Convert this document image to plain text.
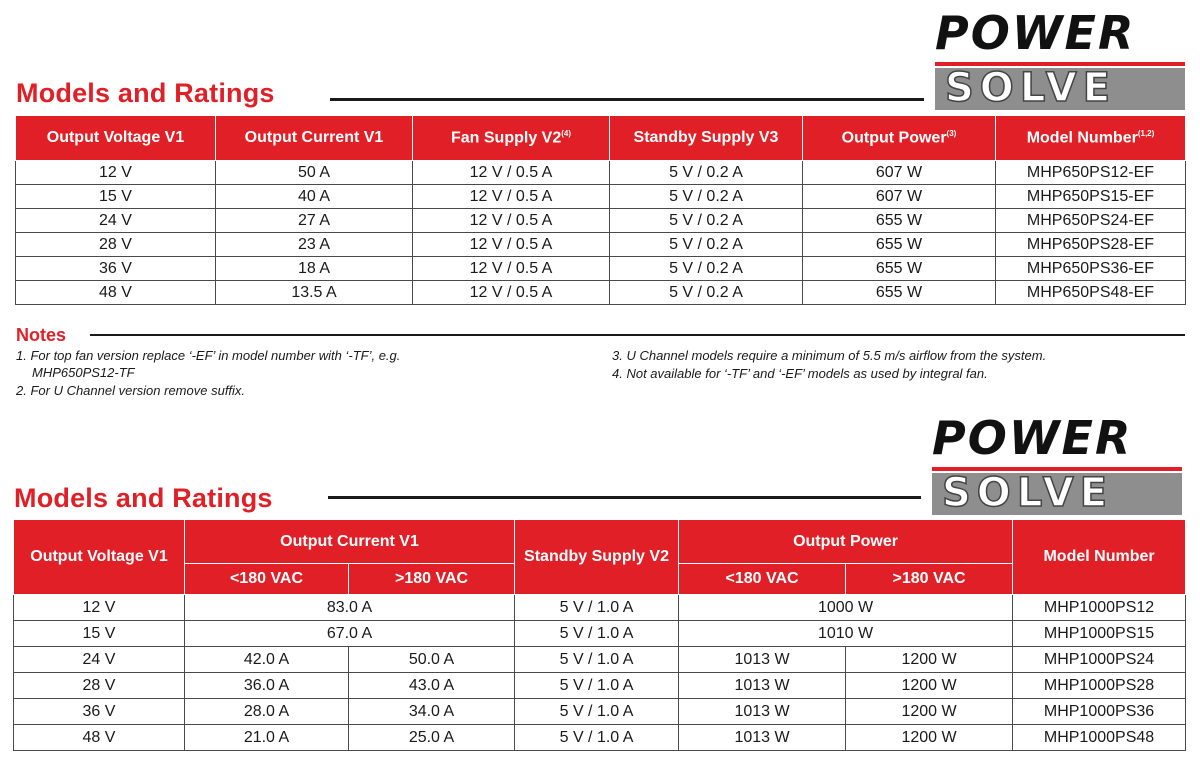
POWER
SOLVE
Models and Ratings
Output Voltage V1	Output Current V1	Fan Supply V2$^{(4)}$	Standby Supply V3	Output Power$^{(3)}$	Model Number$^{(1,2)}$
12 V	50 A	12 V / 0.5 A	5 V / 0.2 A	607 W	MHP650PS12-EF
15 V	40 A	12 V / 0.5 A	5 V / 0.2 A	607 W	MHP650PS15-EF
24 V	27 A	12 V / 0.5 A	5 V / 0.2 A	655 W	MHP650PS24-EF
28 V	23 A	12 V / 0.5 A	5 V / 0.2 A	655 W	MHP650PS28-EF
36 V	18 A	12 V / 0.5 A	5 V / 0.2 A	655 W	MHP650PS36-EF
48 V	13.5 A	12 V / 0.5 A	5 V / 0.2 A	655 W	MHP650PS48-EF
Notes
1. For top fan version replace ‘-EF’ in model number with ‘-TF’, e.g.
MHP650PS12-TF
2. For U Channel version remove suffix.
3. U Channel models require a minimum of 5.5 m/s airflow from the system.
4. Not available for ‘-TF’ and ‘-EF’ models as used by integral fan.
POWER
SOLVE
Models and Ratings
Output Voltage V1	Output Current V1		Standby Supply V2	Output Power		Model Number
	<180 VAC	>180 VAC		<180 VAC	>180 VAC	
12 V	83.0 A		5 V / 1.0 A	1000 W		MHP1000PS12
15 V	67.0 A		5 V / 1.0 A	1010 W		MHP1000PS15
24 V	42.0 A	50.0 A	5 V / 1.0 A	1013 W	1200 W	MHP1000PS24
28 V	36.0 A	43.0 A	5 V / 1.0 A	1013 W	1200 W	MHP1000PS28
36 V	28.0 A	34.0 A	5 V / 1.0 A	1013 W	1200 W	MHP1000PS36
48 V	21.0 A	25.0 A	5 V / 1.0 A	1013 W	1200 W	MHP1000PS48
